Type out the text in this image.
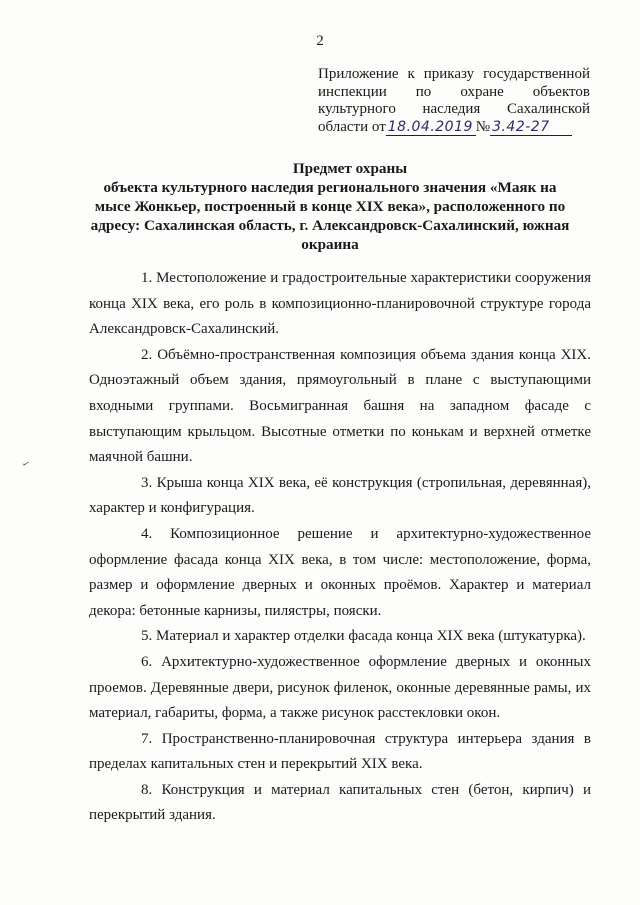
2
Приложение к приказу государственной
инспекции по охране объектов
культурного наследия Сахалинской
области от 18.04.2019 № 3.42-27
Предмет охраны
объекта культурного наследия регионального значения «Маяк на мысе Жонкьер, построенный в конце XIX века», расположенного по адресу: Сахалинская область, г. Александровск-Сахалинский, южная окраина

1. Местоположение и градостроительные характеристики сооружения конца XIX века, его роль в композиционно-планировочной структуре города Александровск-Сахалинский.

2. Объёмно-пространственная композиция объема здания конца XIX. Одноэтажный объем здания, прямоугольный в плане с выступающими входными группами. Восьмигранная башня на западном фасаде с выступающим крыльцом. Высотные отметки по конькам и верхней отметке маячной башни.

3. Крыша конца XIX века, её конструкция (стропильная, деревянная), характер и конфигурация.

4. Композиционное решение и архитектурно-художественное оформление фасада конца XIX века, в том числе: местоположение, форма, размер и оформление дверных и оконных проёмов. Характер и материал декора: бетонные карнизы, пилястры, пояски.

5. Материал и характер отделки фасада конца XIX века (штукатурка).

6. Архитектурно-художественное оформление дверных и оконных проемов. Деревянные двери, рисунок филенок, оконные деревянные рамы, их материал, габариты, форма, а также рисунок расстекловки окон.

7. Пространственно-планировочная структура интерьера здания в пределах капитальных стен и перекрытий XIX века.

8. Конструкция и материал капитальных стен (бетон, кирпич) и перекрытий здания.

✓
